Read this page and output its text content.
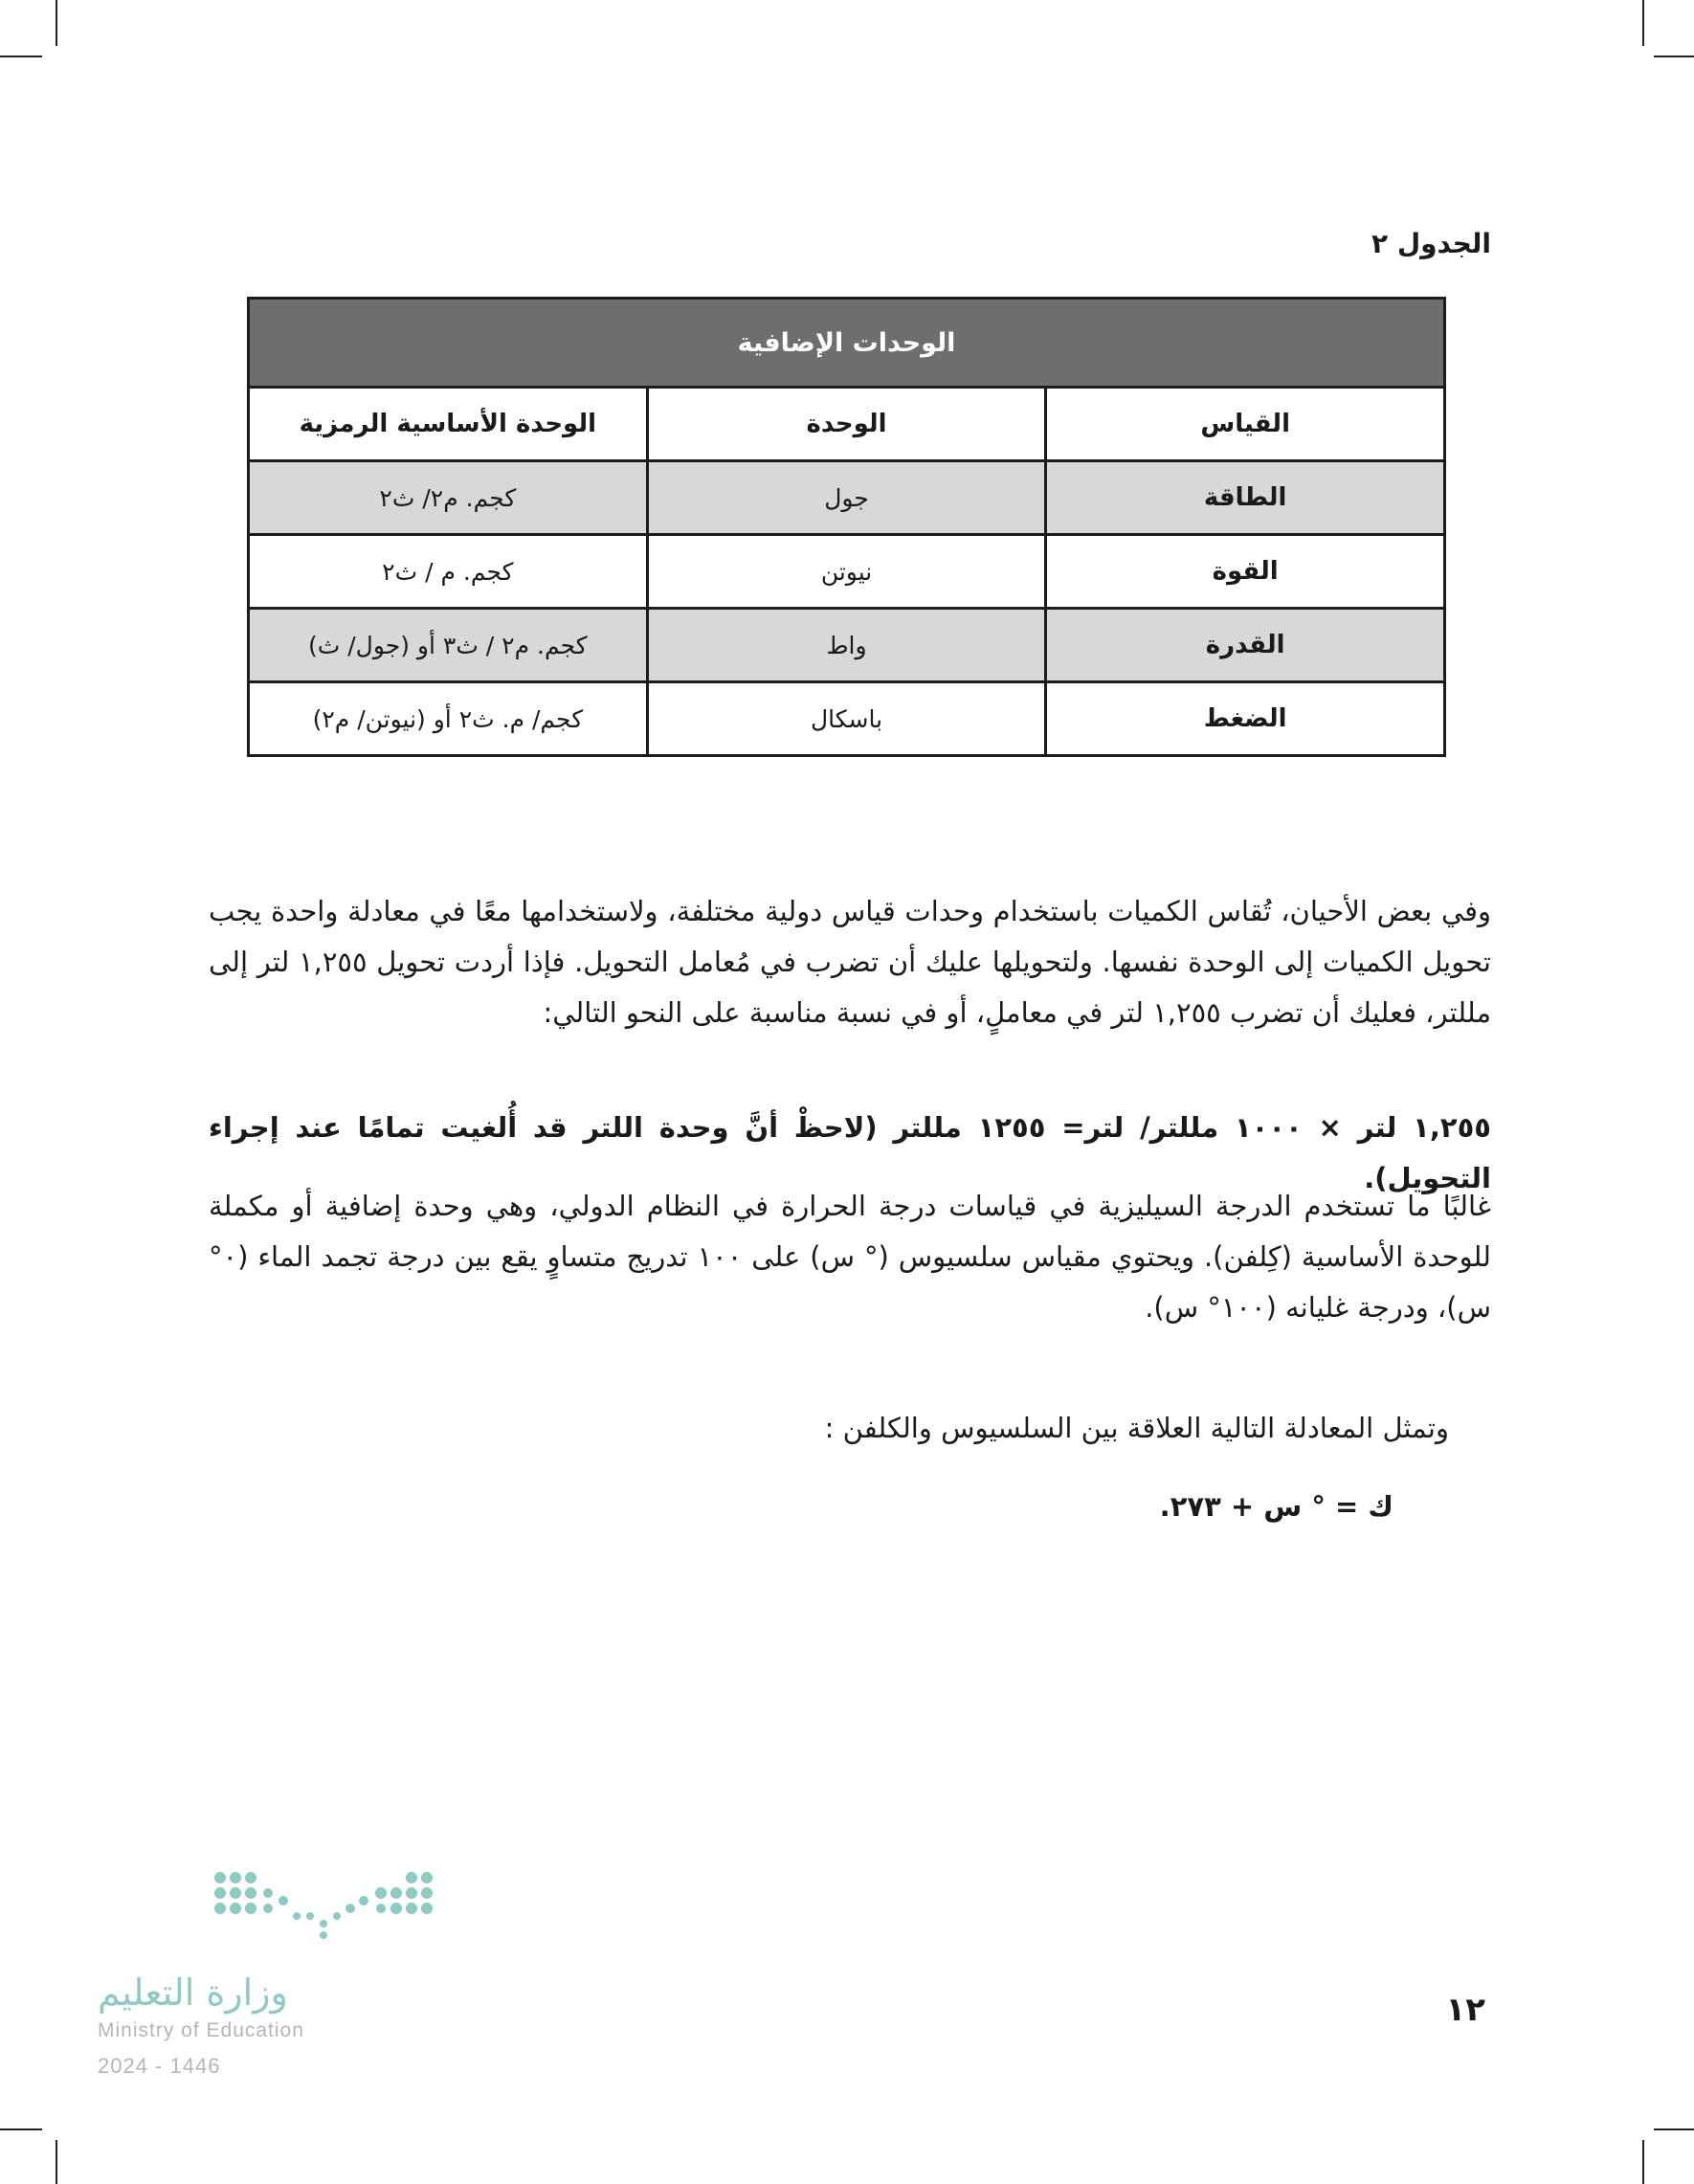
الجدول ٢
الوحدات الإضافية		
القياس	الوحدة	الوحدة الأساسية الرمزية
الطاقة	جول	كجم. م٢/ ث٢
القوة	نيوتن	كجم. م / ث٢
القدرة	واط	كجم. م٢ / ث٣ أو (جول/ ث)
الضغط	باسكال	كجم/ م. ث٢ أو (نيوتن/ م٢)
وفي بعض الأحيان، تُقاس الكميات باستخدام وحدات قياس دولية مختلفة، ولاستخدامها معًا في معادلة واحدة يجب تحويل الكميات إلى الوحدة نفسها. ولتحويلها عليك أن تضرب في مُعامل التحويل. فإذا أردت تحويل ١,٢٥٥ لتر إلى مللتر، فعليك أن تضرب ١,٢٥٥ لتر في معاملٍ، أو في نسبة مناسبة على النحو التالي:
١,٢٥٥ لتر × ١٠٠٠ مللتر/ لتر= ١٢٥٥ مللتر (لاحظْ أنَّ وحدة اللتر قد أُلغيت تمامًا عند إجراء التحويل).
غالبًا ما تستخدم الدرجة السيليزية في قياسات درجة الحرارة في النظام الدولي، وهي وحدة إضافية أو مكملة للوحدة الأساسية (كِلفن). ويحتوي مقياس سلسيوس (° س) على ١٠٠ تدريج متساوٍ يقع بين درجة تجمد الماء (٠° س)، ودرجة غليانه (١٠٠° س).
وتمثل المعادلة التالية العلاقة بين السلسيوس والكلفن :
ك = ° س + ٢٧٣.
وزارة التعليم
Ministry of Education
2024 - 1446
١٢
